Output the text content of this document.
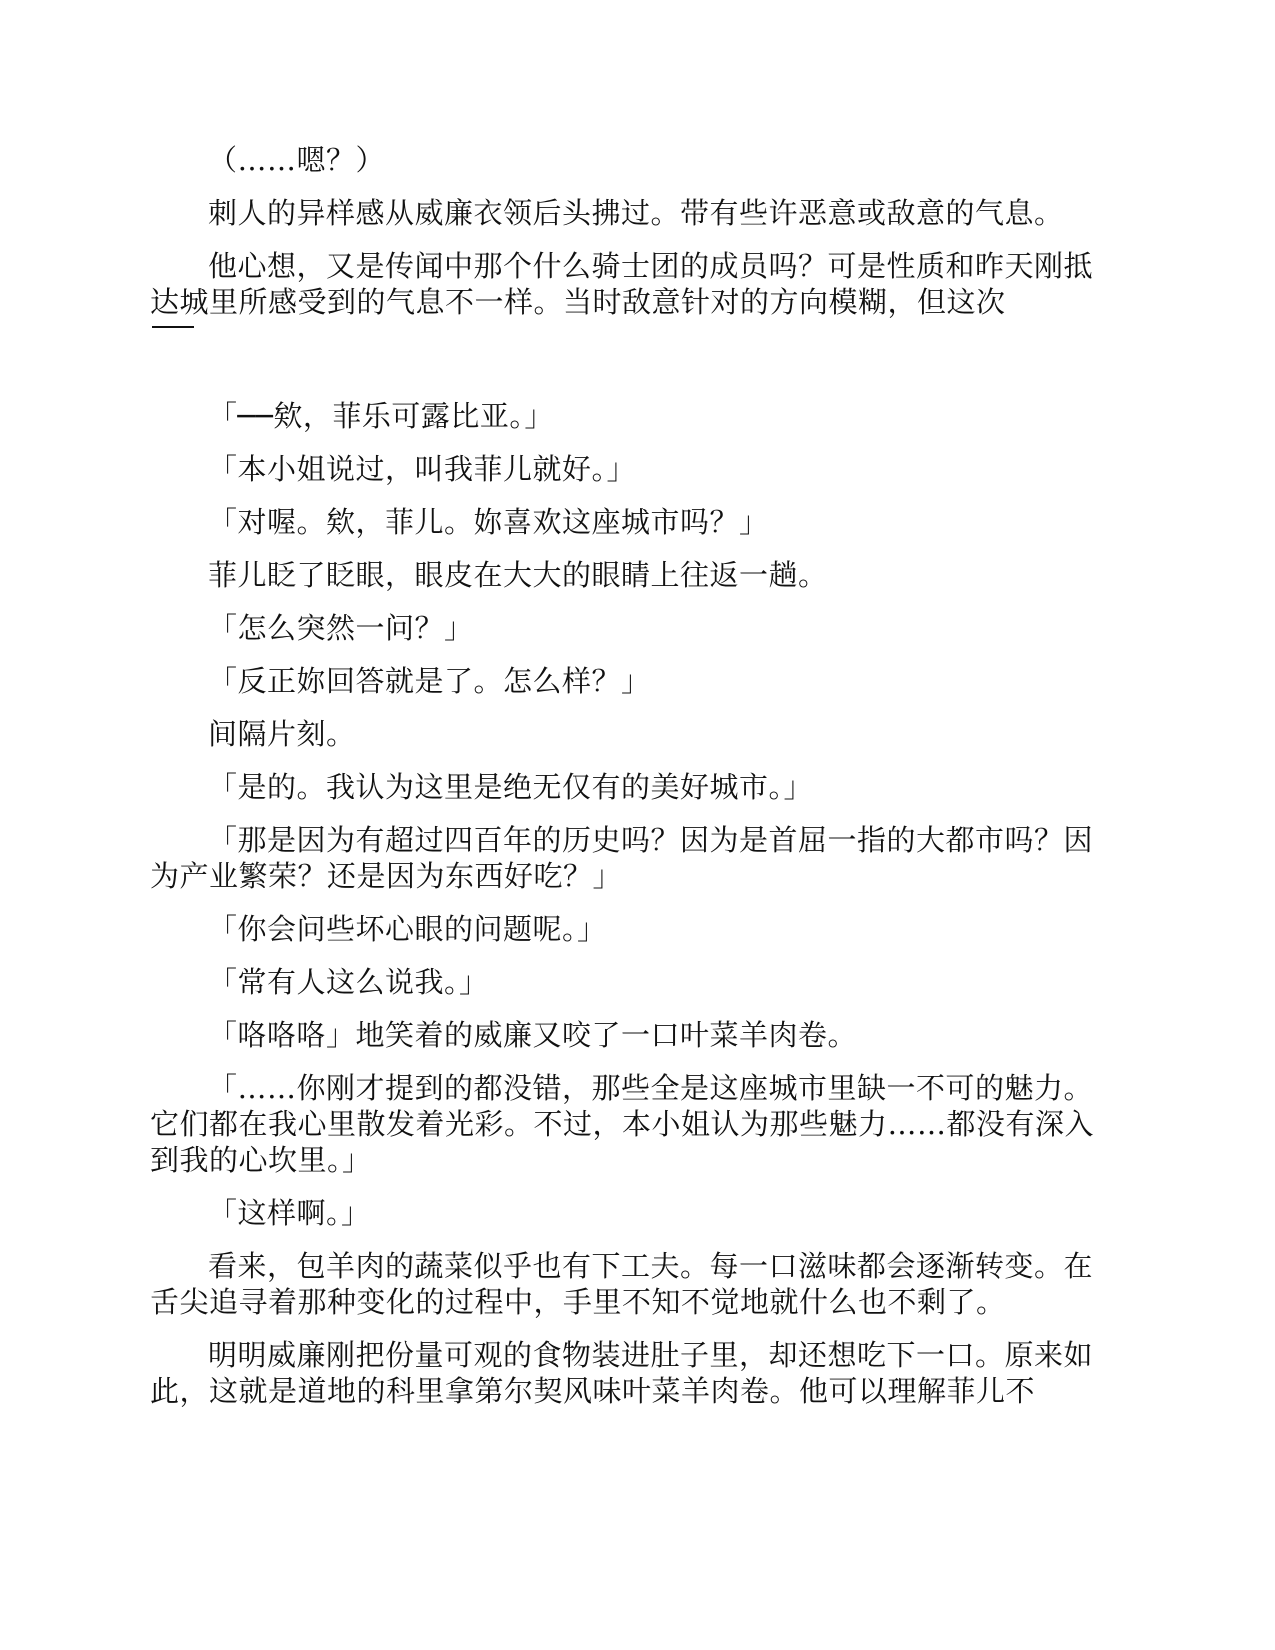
（……嗯？）

刺人的异样感从威廉衣领后头拂过。带有些许恶意或敌意的气息。

他心想，又是传闻中那个什么骑士团的成员吗？可是性质和昨天刚抵达城里所感受到的气息不一样。当时敌意针对的方向模糊，但这次

「──欸，菲乐可露比亚。」

「本小姐说过，叫我菲儿就好。」

「对喔。欸，菲儿。妳喜欢这座城市吗？」

菲儿眨了眨眼，眼皮在大大的眼睛上往返一趟。

「怎么突然一问？」

「反正妳回答就是了。怎么样？」

间隔片刻。

「是的。我认为这里是绝无仅有的美好城市。」

「那是因为有超过四百年的历史吗？因为是首屈一指的大都市吗？因为产业繁荣？还是因为东西好吃？」

「你会问些坏心眼的问题呢。」

「常有人这么说我。」

「咯咯咯」地笑着的威廉又咬了一口叶菜羊肉卷。

「……你刚才提到的都没错，那些全是这座城市里缺一不可的魅力。它们都在我心里散发着光彩。不过，本小姐认为那些魅力……都没有深入到我的心坎里。」

「这样啊。」

看来，包羊肉的蔬菜似乎也有下工夫。每一口滋味都会逐渐转变。在舌尖追寻着那种变化的过程中，手里不知不觉地就什么也不剩了。

明明威廉刚把份量可观的食物装进肚子里，却还想吃下一口。原来如此，这就是道地的科里拿第尔契风味叶菜羊肉卷。他可以理解菲儿不
